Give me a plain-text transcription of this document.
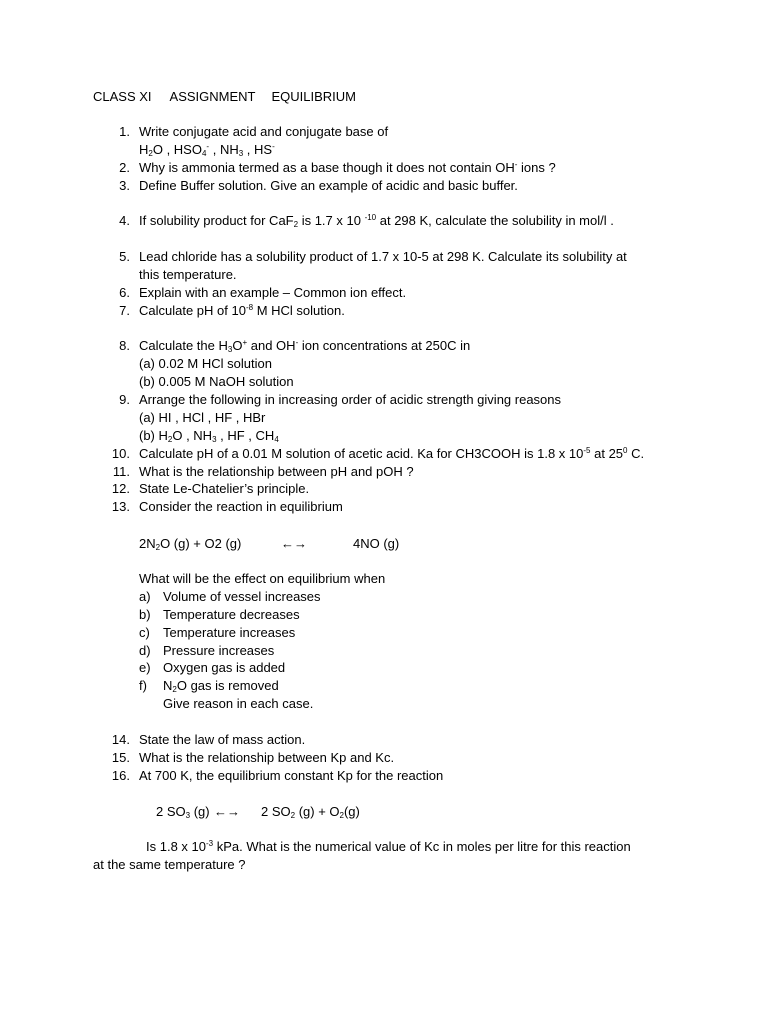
CLASS XI ASSIGNMENT EQUILIBRIUM
1. Write conjugate acid and conjugate base of
$H_2O$ , $HSO_4^-$ , $NH_3$ , HS-
2. Why is ammonia termed as a base though it does not contain OH- ions ?
3. Define Buffer solution. Give an example of acidic and basic buffer.
4. If solubility product for CaF$_2$ is 1.7 x 10 $^{-10}$ at 298 K, calculate the solubility in mol/l .
5. Lead chloride has a solubility product of 1.7 x 10-5 at 298 K. Calculate its solubility at
this temperature.
6. Explain with an example – Common ion effect.
7. Calculate pH of $10^{-8}$ M HCl solution.
8. Calculate the $H_3O^+$ and OH- ion concentrations at 250C in
(a) 0.02 M HCl solution
(b) 0.005 M NaOH solution
9. Arrange the following in increasing order of acidic strength giving reasons
(a) HI , HCl , HF , HBr
(b) $H_2O$ , $NH_3$ , HF , $CH_4$
10. Calculate pH of a 0.01 M solution of acetic acid. Ka for CH3COOH is 1.8 x $10^{-5}$ at $25^0$ C.
11. What is the relationship between pH and pOH ?
12. State Le-Chatelier’s principle.
13. Consider the reaction in equilibrium
$2N_2O$ (g) + O2 (g)	←→	4NO (g)
What will be the effect on equilibrium when
a) Volume of vessel increases
b) Temperature decreases
c) Temperature increases
d) Pressure increases
e) Oxygen gas is added
f) $N_2O$ gas is removed
Give reason in each case.
14. State the law of mass action.
15. What is the relationship between Kp and Kc.
16. At 700 K, the equilibrium constant Kp for the reaction
2 $SO_3$ (g) ←→ 2 $SO_2$ $(g) + O_2(g)$
Is 1.8 x $10^{-3}$ kPa. What is the numerical value of Kc in moles per litre for this reaction
at the same temperature ?
